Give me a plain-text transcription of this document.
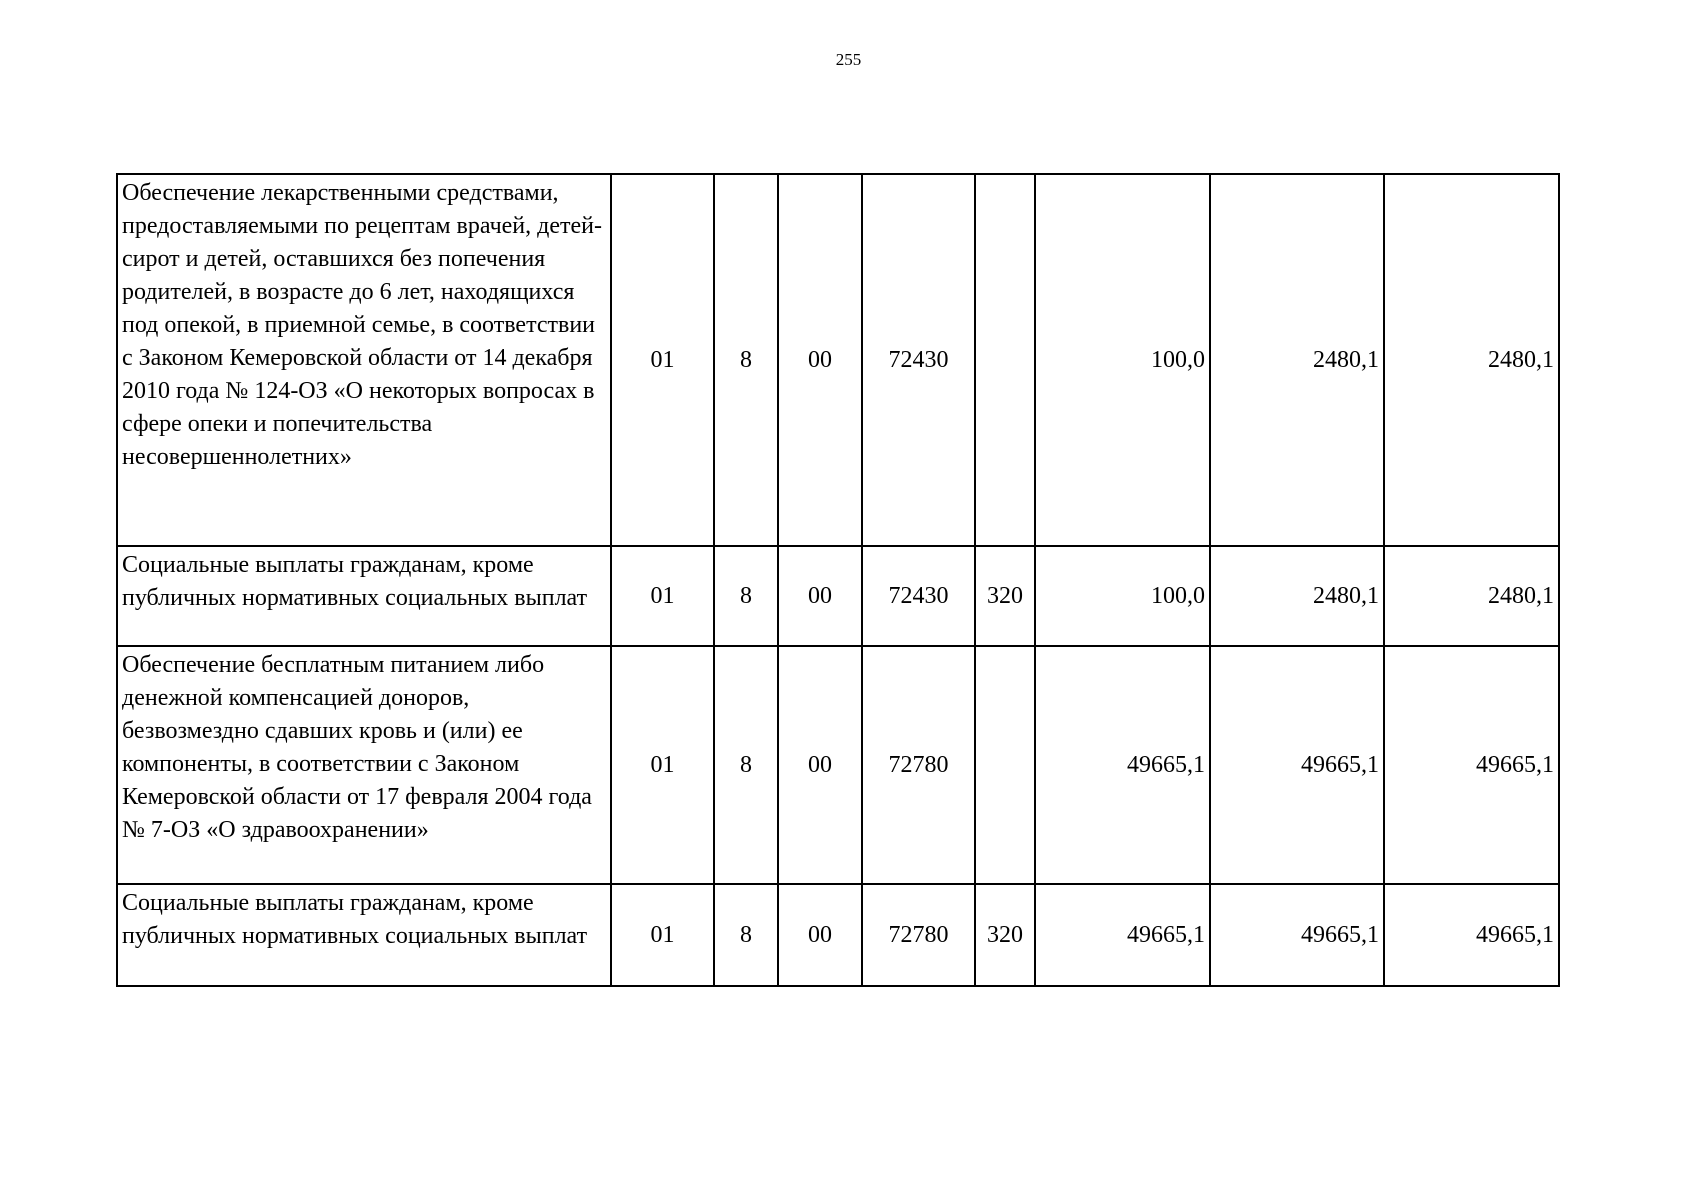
255
Обеспечение лекарственными средствами, предоставляемыми по рецептам врачей, детей-сирот и детей, оставшихся без попечения родителей, в возрасте до 6 лет, находящихся под опекой, в приемной семье, в соответствии с Законом Кемеровской области от 14 декабря 2010 года № 124-ОЗ «О некоторых вопросах в сфере опеки и попечительства несовершеннолетних»	01	8	00	72430		100,0	2480,1	2480,1
Социальные выплаты гражданам, кроме публичных нормативных социальных выплат	01	8	00	72430	320	100,0	2480,1	2480,1
Обеспечение бесплатным питанием либо денежной компенсацией доноров, безвозмездно сдавших кровь и (или) ее компоненты, в соответствии с Законом Кемеровской области от 17 февраля 2004 года № 7-ОЗ «О здравоохранении»	01	8	00	72780		49665,1	49665,1	49665,1
Социальные выплаты гражданам, кроме публичных нормативных социальных выплат	01	8	00	72780	320	49665,1	49665,1	49665,1
